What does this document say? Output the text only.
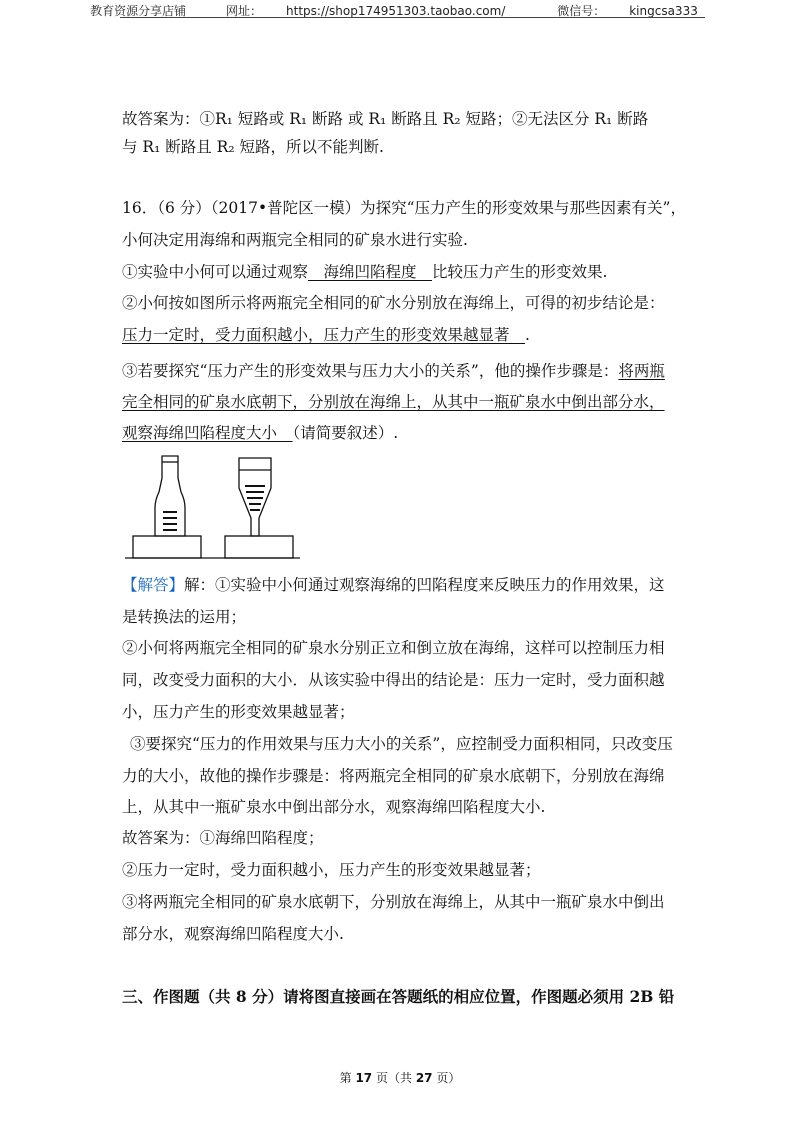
教育资源分享店铺	网址： https://shop174951303.taobao.com/	微信号： kingcsa333
故答案为：①R₁ 短路或 R₁ 断路 或 R₁ 断路且 R₂ 短路；②无法区分 R₁ 断路
与 R₁ 断路且 R₂ 短路，所以不能判断.
16．（6 分）（2017•普陀区一模）为探究“压力产生的形变效果与那些因素有关”，
小何决定用海绵和两瓶完全相同的矿泉水进行实验.
①实验中小何可以通过观察　海绵凹陷程度　比较压力产生的形变效果.
②小何按如图所示将两瓶完全相同的矿水分别放在海绵上，可得的初步结论是：
压力一定时，受力面积越小，压力产生的形变效果越显著　.
③若要探究“压力产生的形变效果与压力大小的关系”，他的操作步骤是：将两瓶
完全相同的矿泉水底朝下，分别放在海绵上，从其中一瓶矿泉水中倒出部分水，
观察海绵凹陷程度大小　（请简要叙述）.
【解答】解：①实验中小何通过观察海绵的凹陷程度来反映压力的作用效果，这
是转换法的运用；
②小何将两瓶完全相同的矿泉水分别正立和倒立放在海绵，这样可以控制压力相
同，改变受力面积的大小．从该实验中得出的结论是：压力一定时，受力面积越
小，压力产生的形变效果越显著；
③要探究“压力的作用效果与压力大小的关系”，应控制受力面积相同，只改变压
力的大小，故他的操作步骤是：将两瓶完全相同的矿泉水底朝下，分别放在海绵
上，从其中一瓶矿泉水中倒出部分水，观察海绵凹陷程度大小.
故答案为：①海绵凹陷程度；
②压力一定时，受力面积越小，压力产生的形变效果越显著；
③将两瓶完全相同的矿泉水底朝下，分别放在海绵上，从其中一瓶矿泉水中倒出
部分水，观察海绵凹陷程度大小.
三、作图题（共 8 分）请将图直接画在答题纸的相应位置，作图题必须用 2B 铅
第 17 页（共 27 页）
